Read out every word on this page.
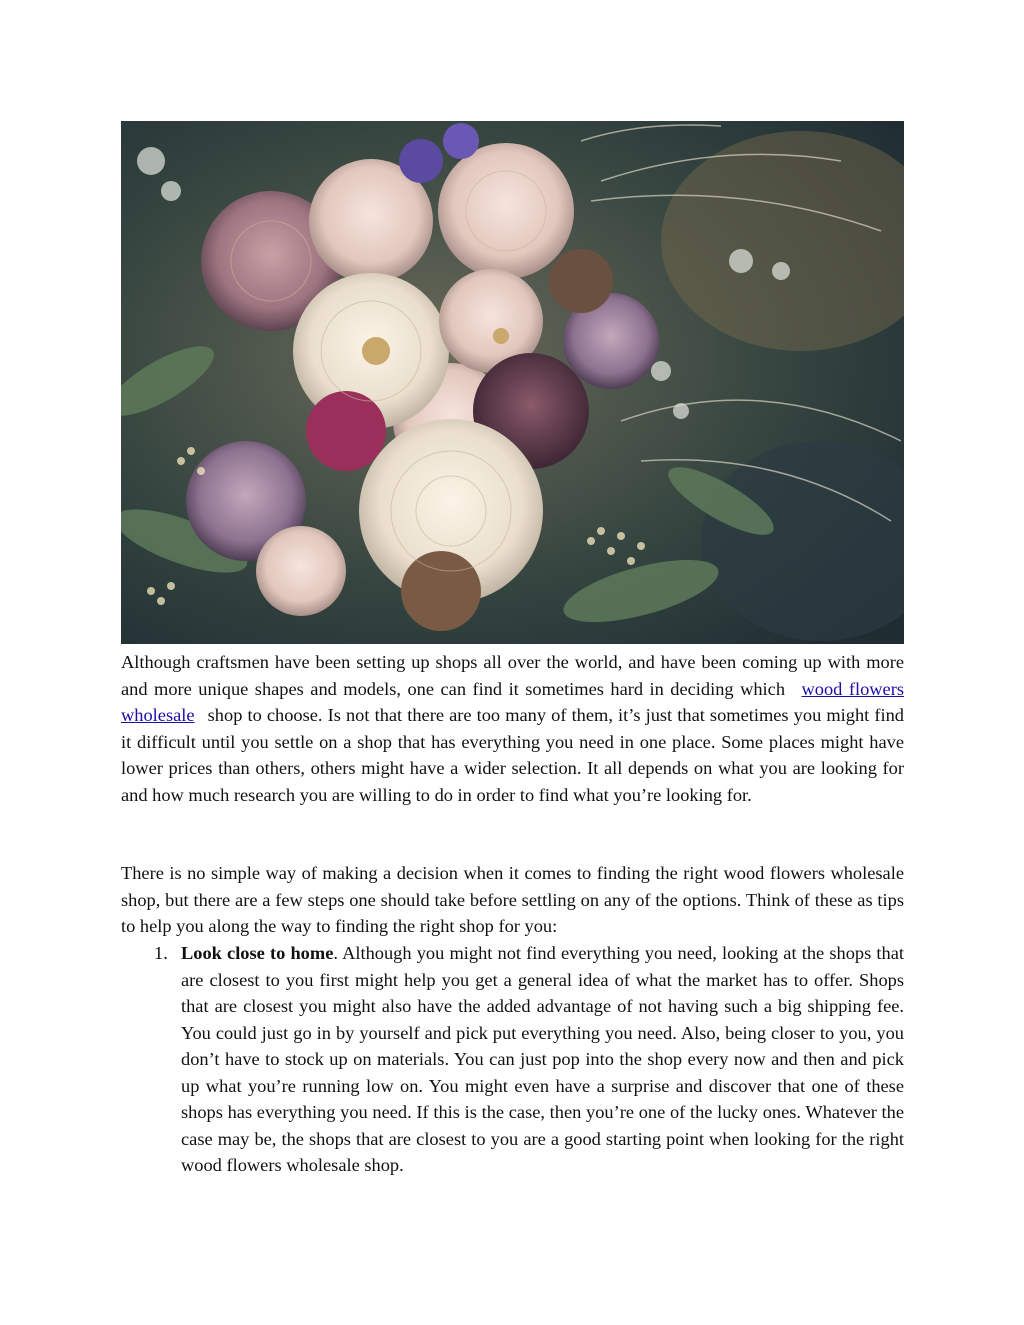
Although craftsmen have been setting up shops all over the world, and have been coming up with more and more unique shapes and models, one can find it sometimes hard in deciding which wood flowers wholesale shop to choose. Is not that there are too many of them, it’s just that sometimes you might find it difficult until you settle on a shop that has everything you need in one place. Some places might have lower prices than others, others might have a wider selection. It all depends on what you are looking for and how much research you are willing to do in order to find what you’re looking for.

There is no simple way of making a decision when it comes to finding the right wood flowers wholesale shop, but there are a few steps one should take before settling on any of the options. Think of these as tips to help you along the way to finding the right shop for you:

1. Look close to home. Although you might not find everything you need, looking at the shops that are closest to you first might help you get a general idea of what the market has to offer. Shops that are closest you might also have the added advantage of not having such a big shipping fee. You could just go in by yourself and pick put everything you need. Also, being closer to you, you don’t have to stock up on materials. You can just pop into the shop every now and then and pick up what you’re running low on. You might even have a surprise and discover that one of these shops has everything you need. If this is the case, then you’re one of the lucky ones. Whatever the case may be, the shops that are closest to you are a good starting point when looking for the right wood flowers wholesale shop.
